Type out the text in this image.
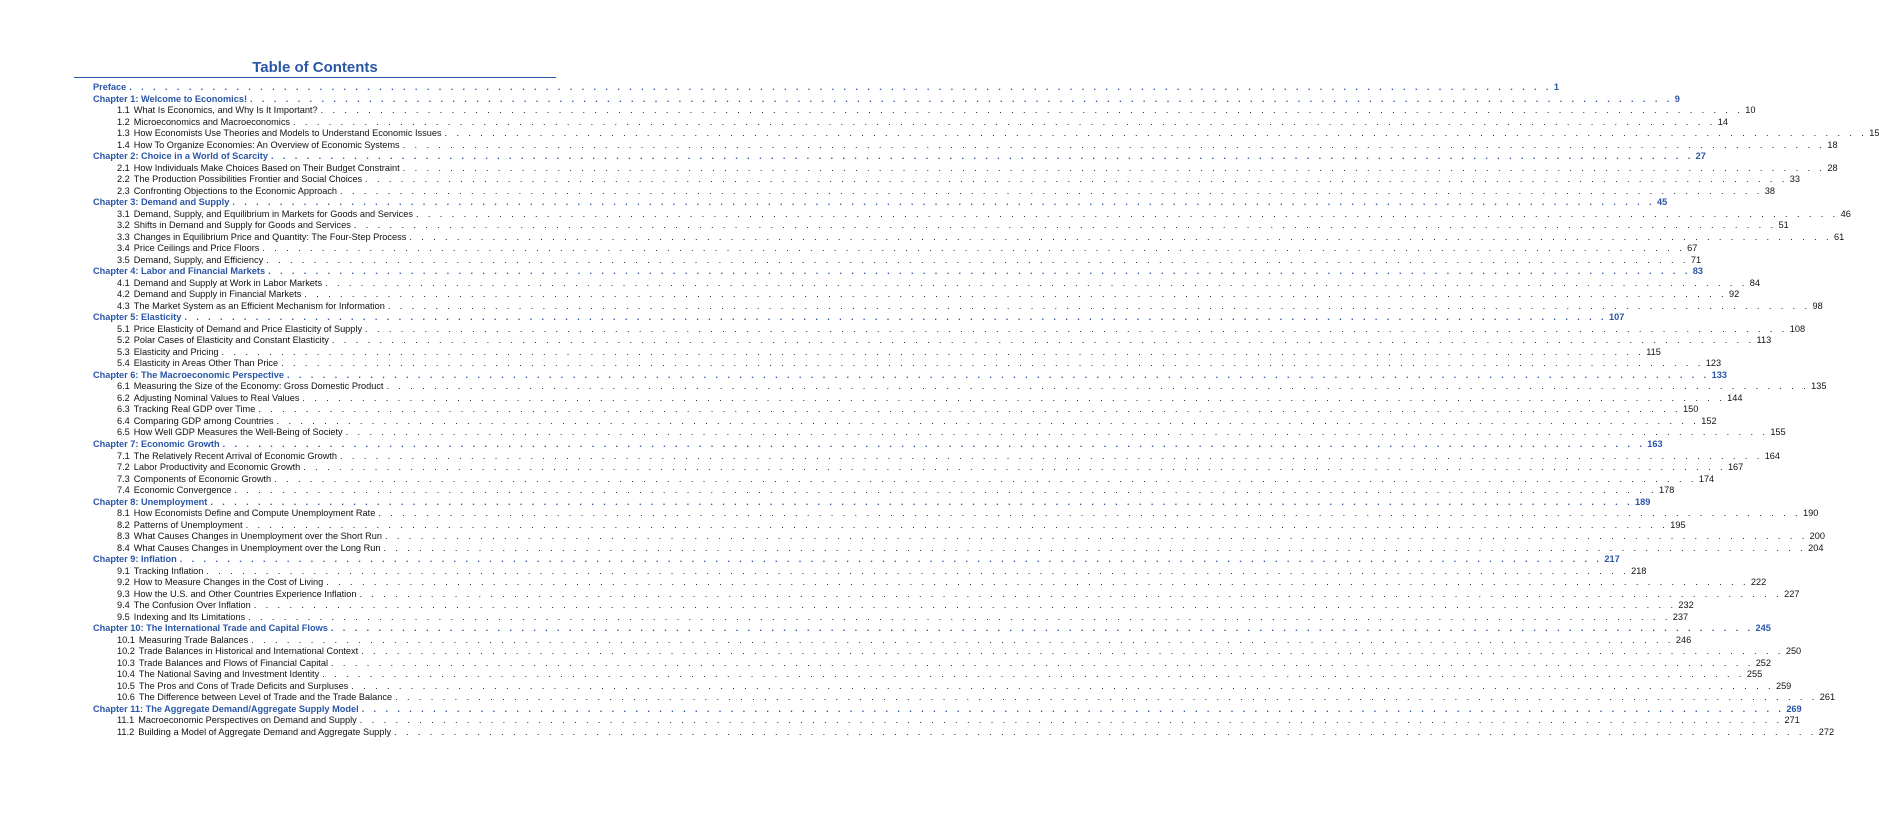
Table of Contents
Preface . . . . . . . . . . . . . . . . . . . . . . . . . . . . . . . . . . . . . . . . . . . . . . . . . . . . . . . . . . . . . . . . . . . . . . . . . . . . . . . . . . . . . . . . . . . . . . . . . . . . . . . . . . . . . . . . . . . . . . . . 1
Chapter 1: Welcome to Economics! . . . . . . . . . . . . . . . . . . . . . . . . . . . . . . . . . . . . . . . . . . . . . . . . . . . . . . . . . . . . . . . . . . . . . . . . . . . . . . . . . . . . . . . . . . . . . . . . . . . . . . . . . . . . . . . . . . . . . . . . 9
1.1 What Is Economics, and Why Is It Important? . . . . . . . . . . . . . . . . . . . . . . . . . . . . . . . . . . . . . . . . . . . . . . . . . . . . . . . . . . . . . . . . . . . . . . . . . . . . . . . . . . . . . . . . . . . . . . . . . . . . . . . . . . . . . . . . . . . . . . . . 10
1.2 Microeconomics and Macroeconomics . . . . . . . . . . . . . . . . . . . . . . . . . . . . . . . . . . . . . . . . . . . . . . . . . . . . . . . . . . . . . . . . . . . . . . . . . . . . . . . . . . . . . . . . . . . . . . . . . . . . . . . . . . . . . . . . . . . . . . . . 14
1.3 How Economists Use Theories and Models to Understand Economic Issues . . . . . . . . . . . . . . . . . . . . . . . . . . . . . . . . . . . . . . . . . . . . . . . . . . . . . . . . . . . . . . . . . . . . . . . . . . . . . . . . . . . . . . . . . . . . . . . . . . . . . . . . . . . . . . . . . . . . . . . . 15
1.4 How To Organize Economies: An Overview of Economic Systems . . . . . . . . . . . . . . . . . . . . . . . . . . . . . . . . . . . . . . . . . . . . . . . . . . . . . . . . . . . . . . . . . . . . . . . . . . . . . . . . . . . . . . . . . . . . . . . . . . . . . . . . . . . . . . . . . . . . . . . . 18
Chapter 2: Choice in a World of Scarcity . . . . . . . . . . . . . . . . . . . . . . . . . . . . . . . . . . . . . . . . . . . . . . . . . . . . . . . . . . . . . . . . . . . . . . . . . . . . . . . . . . . . . . . . . . . . . . . . . . . . . . . . . . . . . . . . . . . . . . . . 27
2.1 How Individuals Make Choices Based on Their Budget Constraint . . . . . . . . . . . . . . . . . . . . . . . . . . . . . . . . . . . . . . . . . . . . . . . . . . . . . . . . . . . . . . . . . . . . . . . . . . . . . . . . . . . . . . . . . . . . . . . . . . . . . . . . . . . . . . . . . . . . . . . . 28
2.2 The Production Possibilities Frontier and Social Choices . . . . . . . . . . . . . . . . . . . . . . . . . . . . . . . . . . . . . . . . . . . . . . . . . . . . . . . . . . . . . . . . . . . . . . . . . . . . . . . . . . . . . . . . . . . . . . . . . . . . . . . . . . . . . . . . . . . . . . . . 33
2.3 Confronting Objections to the Economic Approach . . . . . . . . . . . . . . . . . . . . . . . . . . . . . . . . . . . . . . . . . . . . . . . . . . . . . . . . . . . . . . . . . . . . . . . . . . . . . . . . . . . . . . . . . . . . . . . . . . . . . . . . . . . . . . . . . . . . . . . . 38
Chapter 3: Demand and Supply . . . . . . . . . . . . . . . . . . . . . . . . . . . . . . . . . . . . . . . . . . . . . . . . . . . . . . . . . . . . . . . . . . . . . . . . . . . . . . . . . . . . . . . . . . . . . . . . . . . . . . . . . . . . . . . . . . . . . . . . 45
3.1 Demand, Supply, and Equilibrium in Markets for Goods and Services . . . . . . . . . . . . . . . . . . . . . . . . . . . . . . . . . . . . . . . . . . . . . . . . . . . . . . . . . . . . . . . . . . . . . . . . . . . . . . . . . . . . . . . . . . . . . . . . . . . . . . . . . . . . . . . . . . . . . . . . 46
3.2 Shifts in Demand and Supply for Goods and Services . . . . . . . . . . . . . . . . . . . . . . . . . . . . . . . . . . . . . . . . . . . . . . . . . . . . . . . . . . . . . . . . . . . . . . . . . . . . . . . . . . . . . . . . . . . . . . . . . . . . . . . . . . . . . . . . . . . . . . . . 51
3.3 Changes in Equilibrium Price and Quantity: The Four-Step Process . . . . . . . . . . . . . . . . . . . . . . . . . . . . . . . . . . . . . . . . . . . . . . . . . . . . . . . . . . . . . . . . . . . . . . . . . . . . . . . . . . . . . . . . . . . . . . . . . . . . . . . . . . . . . . . . . . . . . . . . 61
3.4 Price Ceilings and Price Floors . . . . . . . . . . . . . . . . . . . . . . . . . . . . . . . . . . . . . . . . . . . . . . . . . . . . . . . . . . . . . . . . . . . . . . . . . . . . . . . . . . . . . . . . . . . . . . . . . . . . . . . . . . . . . . . . . . . . . . . . 67
3.5 Demand, Supply, and Efficiency . . . . . . . . . . . . . . . . . . . . . . . . . . . . . . . . . . . . . . . . . . . . . . . . . . . . . . . . . . . . . . . . . . . . . . . . . . . . . . . . . . . . . . . . . . . . . . . . . . . . . . . . . . . . . . . . . . . . . . . . 71
Chapter 4: Labor and Financial Markets . . . . . . . . . . . . . . . . . . . . . . . . . . . . . . . . . . . . . . . . . . . . . . . . . . . . . . . . . . . . . . . . . . . . . . . . . . . . . . . . . . . . . . . . . . . . . . . . . . . . . . . . . . . . . . . . . . . . . . . . 83
4.1 Demand and Supply at Work in Labor Markets . . . . . . . . . . . . . . . . . . . . . . . . . . . . . . . . . . . . . . . . . . . . . . . . . . . . . . . . . . . . . . . . . . . . . . . . . . . . . . . . . . . . . . . . . . . . . . . . . . . . . . . . . . . . . . . . . . . . . . . . 84
4.2 Demand and Supply in Financial Markets . . . . . . . . . . . . . . . . . . . . . . . . . . . . . . . . . . . . . . . . . . . . . . . . . . . . . . . . . . . . . . . . . . . . . . . . . . . . . . . . . . . . . . . . . . . . . . . . . . . . . . . . . . . . . . . . . . . . . . . . 92
4.3 The Market System as an Efficient Mechanism for Information . . . . . . . . . . . . . . . . . . . . . . . . . . . . . . . . . . . . . . . . . . . . . . . . . . . . . . . . . . . . . . . . . . . . . . . . . . . . . . . . . . . . . . . . . . . . . . . . . . . . . . . . . . . . . . . . . . . . . . . . 98
Chapter 5: Elasticity . . . . . . . . . . . . . . . . . . . . . . . . . . . . . . . . . . . . . . . . . . . . . . . . . . . . . . . . . . . . . . . . . . . . . . . . . . . . . . . . . . . . . . . . . . . . . . . . . . . . . . . . . . . . . . . . . . . . . . . . 107
5.1 Price Elasticity of Demand and Price Elasticity of Supply . . . . . . . . . . . . . . . . . . . . . . . . . . . . . . . . . . . . . . . . . . . . . . . . . . . . . . . . . . . . . . . . . . . . . . . . . . . . . . . . . . . . . . . . . . . . . . . . . . . . . . . . . . . . . . . . . . . . . . . . 108
5.2 Polar Cases of Elasticity and Constant Elasticity . . . . . . . . . . . . . . . . . . . . . . . . . . . . . . . . . . . . . . . . . . . . . . . . . . . . . . . . . . . . . . . . . . . . . . . . . . . . . . . . . . . . . . . . . . . . . . . . . . . . . . . . . . . . . . . . . . . . . . . . 113
5.3 Elasticity and Pricing . . . . . . . . . . . . . . . . . . . . . . . . . . . . . . . . . . . . . . . . . . . . . . . . . . . . . . . . . . . . . . . . . . . . . . . . . . . . . . . . . . . . . . . . . . . . . . . . . . . . . . . . . . . . . . . . . . . . . . . . 115
5.4 Elasticity in Areas Other Than Price . . . . . . . . . . . . . . . . . . . . . . . . . . . . . . . . . . . . . . . . . . . . . . . . . . . . . . . . . . . . . . . . . . . . . . . . . . . . . . . . . . . . . . . . . . . . . . . . . . . . . . . . . . . . . . . . . . . . . . . . 123
Chapter 6: The Macroeconomic Perspective . . . . . . . . . . . . . . . . . . . . . . . . . . . . . . . . . . . . . . . . . . . . . . . . . . . . . . . . . . . . . . . . . . . . . . . . . . . . . . . . . . . . . . . . . . . . . . . . . . . . . . . . . . . . . . . . . . . . . . . . 133
6.1 Measuring the Size of the Economy: Gross Domestic Product . . . . . . . . . . . . . . . . . . . . . . . . . . . . . . . . . . . . . . . . . . . . . . . . . . . . . . . . . . . . . . . . . . . . . . . . . . . . . . . . . . . . . . . . . . . . . . . . . . . . . . . . . . . . . . . . . . . . . . . . 135
6.2 Adjusting Nominal Values to Real Values . . . . . . . . . . . . . . . . . . . . . . . . . . . . . . . . . . . . . . . . . . . . . . . . . . . . . . . . . . . . . . . . . . . . . . . . . . . . . . . . . . . . . . . . . . . . . . . . . . . . . . . . . . . . . . . . . . . . . . . . 144
6.3 Tracking Real GDP over Time . . . . . . . . . . . . . . . . . . . . . . . . . . . . . . . . . . . . . . . . . . . . . . . . . . . . . . . . . . . . . . . . . . . . . . . . . . . . . . . . . . . . . . . . . . . . . . . . . . . . . . . . . . . . . . . . . . . . . . . . 150
6.4 Comparing GDP among Countries . . . . . . . . . . . . . . . . . . . . . . . . . . . . . . . . . . . . . . . . . . . . . . . . . . . . . . . . . . . . . . . . . . . . . . . . . . . . . . . . . . . . . . . . . . . . . . . . . . . . . . . . . . . . . . . . . . . . . . . . 152
6.5 How Well GDP Measures the Well-Being of Society . . . . . . . . . . . . . . . . . . . . . . . . . . . . . . . . . . . . . . . . . . . . . . . . . . . . . . . . . . . . . . . . . . . . . . . . . . . . . . . . . . . . . . . . . . . . . . . . . . . . . . . . . . . . . . . . . . . . . . . . 155
Chapter 7: Economic Growth . . . . . . . . . . . . . . . . . . . . . . . . . . . . . . . . . . . . . . . . . . . . . . . . . . . . . . . . . . . . . . . . . . . . . . . . . . . . . . . . . . . . . . . . . . . . . . . . . . . . . . . . . . . . . . . . . . . . . . . . 163
7.1 The Relatively Recent Arrival of Economic Growth . . . . . . . . . . . . . . . . . . . . . . . . . . . . . . . . . . . . . . . . . . . . . . . . . . . . . . . . . . . . . . . . . . . . . . . . . . . . . . . . . . . . . . . . . . . . . . . . . . . . . . . . . . . . . . . . . . . . . . . . 164
7.2 Labor Productivity and Economic Growth . . . . . . . . . . . . . . . . . . . . . . . . . . . . . . . . . . . . . . . . . . . . . . . . . . . . . . . . . . . . . . . . . . . . . . . . . . . . . . . . . . . . . . . . . . . . . . . . . . . . . . . . . . . . . . . . . . . . . . . . 167
7.3 Components of Economic Growth . . . . . . . . . . . . . . . . . . . . . . . . . . . . . . . . . . . . . . . . . . . . . . . . . . . . . . . . . . . . . . . . . . . . . . . . . . . . . . . . . . . . . . . . . . . . . . . . . . . . . . . . . . . . . . . . . . . . . . . . 174
7.4 Economic Convergence . . . . . . . . . . . . . . . . . . . . . . . . . . . . . . . . . . . . . . . . . . . . . . . . . . . . . . . . . . . . . . . . . . . . . . . . . . . . . . . . . . . . . . . . . . . . . . . . . . . . . . . . . . . . . . . . . . . . . . . . 178
Chapter 8: Unemployment . . . . . . . . . . . . . . . . . . . . . . . . . . . . . . . . . . . . . . . . . . . . . . . . . . . . . . . . . . . . . . . . . . . . . . . . . . . . . . . . . . . . . . . . . . . . . . . . . . . . . . . . . . . . . . . . . . . . . . . . 189
8.1 How Economists Define and Compute Unemployment Rate . . . . . . . . . . . . . . . . . . . . . . . . . . . . . . . . . . . . . . . . . . . . . . . . . . . . . . . . . . . . . . . . . . . . . . . . . . . . . . . . . . . . . . . . . . . . . . . . . . . . . . . . . . . . . . . . . . . . . . . . 190
8.2 Patterns of Unemployment . . . . . . . . . . . . . . . . . . . . . . . . . . . . . . . . . . . . . . . . . . . . . . . . . . . . . . . . . . . . . . . . . . . . . . . . . . . . . . . . . . . . . . . . . . . . . . . . . . . . . . . . . . . . . . . . . . . . . . . . 195
8.3 What Causes Changes in Unemployment over the Short Run . . . . . . . . . . . . . . . . . . . . . . . . . . . . . . . . . . . . . . . . . . . . . . . . . . . . . . . . . . . . . . . . . . . . . . . . . . . . . . . . . . . . . . . . . . . . . . . . . . . . . . . . . . . . . . . . . . . . . . . . 200
8.4 What Causes Changes in Unemployment over the Long Run . . . . . . . . . . . . . . . . . . . . . . . . . . . . . . . . . . . . . . . . . . . . . . . . . . . . . . . . . . . . . . . . . . . . . . . . . . . . . . . . . . . . . . . . . . . . . . . . . . . . . . . . . . . . . . . . . . . . . . . . 204
Chapter 9: Inflation . . . . . . . . . . . . . . . . . . . . . . . . . . . . . . . . . . . . . . . . . . . . . . . . . . . . . . . . . . . . . . . . . . . . . . . . . . . . . . . . . . . . . . . . . . . . . . . . . . . . . . . . . . . . . . . . . . . . . . . . 217
9.1 Tracking Inflation . . . . . . . . . . . . . . . . . . . . . . . . . . . . . . . . . . . . . . . . . . . . . . . . . . . . . . . . . . . . . . . . . . . . . . . . . . . . . . . . . . . . . . . . . . . . . . . . . . . . . . . . . . . . . . . . . . . . . . . . 218
9.2 How to Measure Changes in the Cost of Living . . . . . . . . . . . . . . . . . . . . . . . . . . . . . . . . . . . . . . . . . . . . . . . . . . . . . . . . . . . . . . . . . . . . . . . . . . . . . . . . . . . . . . . . . . . . . . . . . . . . . . . . . . . . . . . . . . . . . . . . 222
9.3 How the U.S. and Other Countries Experience Inflation . . . . . . . . . . . . . . . . . . . . . . . . . . . . . . . . . . . . . . . . . . . . . . . . . . . . . . . . . . . . . . . . . . . . . . . . . . . . . . . . . . . . . . . . . . . . . . . . . . . . . . . . . . . . . . . . . . . . . . . . 227
9.4 The Confusion Over Inflation . . . . . . . . . . . . . . . . . . . . . . . . . . . . . . . . . . . . . . . . . . . . . . . . . . . . . . . . . . . . . . . . . . . . . . . . . . . . . . . . . . . . . . . . . . . . . . . . . . . . . . . . . . . . . . . . . . . . . . . . 232
9.5 Indexing and Its Limitations . . . . . . . . . . . . . . . . . . . . . . . . . . . . . . . . . . . . . . . . . . . . . . . . . . . . . . . . . . . . . . . . . . . . . . . . . . . . . . . . . . . . . . . . . . . . . . . . . . . . . . . . . . . . . . . . . . . . . . . . 237
Chapter 10: The International Trade and Capital Flows . . . . . . . . . . . . . . . . . . . . . . . . . . . . . . . . . . . . . . . . . . . . . . . . . . . . . . . . . . . . . . . . . . . . . . . . . . . . . . . . . . . . . . . . . . . . . . . . . . . . . . . . . . . . . . . . . . . . . . . . 245
10.1 Measuring Trade Balances . . . . . . . . . . . . . . . . . . . . . . . . . . . . . . . . . . . . . . . . . . . . . . . . . . . . . . . . . . . . . . . . . . . . . . . . . . . . . . . . . . . . . . . . . . . . . . . . . . . . . . . . . . . . . . . . . . . . . . . . 246
10.2 Trade Balances in Historical and International Context . . . . . . . . . . . . . . . . . . . . . . . . . . . . . . . . . . . . . . . . . . . . . . . . . . . . . . . . . . . . . . . . . . . . . . . . . . . . . . . . . . . . . . . . . . . . . . . . . . . . . . . . . . . . . . . . . . . . . . . . 250
10.3 Trade Balances and Flows of Financial Capital . . . . . . . . . . . . . . . . . . . . . . . . . . . . . . . . . . . . . . . . . . . . . . . . . . . . . . . . . . . . . . . . . . . . . . . . . . . . . . . . . . . . . . . . . . . . . . . . . . . . . . . . . . . . . . . . . . . . . . . . 252
10.4 The National Saving and Investment Identity . . . . . . . . . . . . . . . . . . . . . . . . . . . . . . . . . . . . . . . . . . . . . . . . . . . . . . . . . . . . . . . . . . . . . . . . . . . . . . . . . . . . . . . . . . . . . . . . . . . . . . . . . . . . . . . . . . . . . . . . 255
10.5 The Pros and Cons of Trade Deficits and Surpluses . . . . . . . . . . . . . . . . . . . . . . . . . . . . . . . . . . . . . . . . . . . . . . . . . . . . . . . . . . . . . . . . . . . . . . . . . . . . . . . . . . . . . . . . . . . . . . . . . . . . . . . . . . . . . . . . . . . . . . . . 259
10.6 The Difference between Level of Trade and the Trade Balance . . . . . . . . . . . . . . . . . . . . . . . . . . . . . . . . . . . . . . . . . . . . . . . . . . . . . . . . . . . . . . . . . . . . . . . . . . . . . . . . . . . . . . . . . . . . . . . . . . . . . . . . . . . . . . . . . . . . . . . . 261
Chapter 11: The Aggregate Demand/Aggregate Supply Model . . . . . . . . . . . . . . . . . . . . . . . . . . . . . . . . . . . . . . . . . . . . . . . . . . . . . . . . . . . . . . . . . . . . . . . . . . . . . . . . . . . . . . . . . . . . . . . . . . . . . . . . . . . . . . . . . . . . . . . . 269
11.1 Macroeconomic Perspectives on Demand and Supply . . . . . . . . . . . . . . . . . . . . . . . . . . . . . . . . . . . . . . . . . . . . . . . . . . . . . . . . . . . . . . . . . . . . . . . . . . . . . . . . . . . . . . . . . . . . . . . . . . . . . . . . . . . . . . . . . . . . . . . . 271
11.2 Building a Model of Aggregate Demand and Aggregate Supply . . . . . . . . . . . . . . . . . . . . . . . . . . . . . . . . . . . . . . . . . . . . . . . . . . . . . . . . . . . . . . . . . . . . . . . . . . . . . . . . . . . . . . . . . . . . . . . . . . . . . . . . . . . . . . . . . . . . . . . . 272
